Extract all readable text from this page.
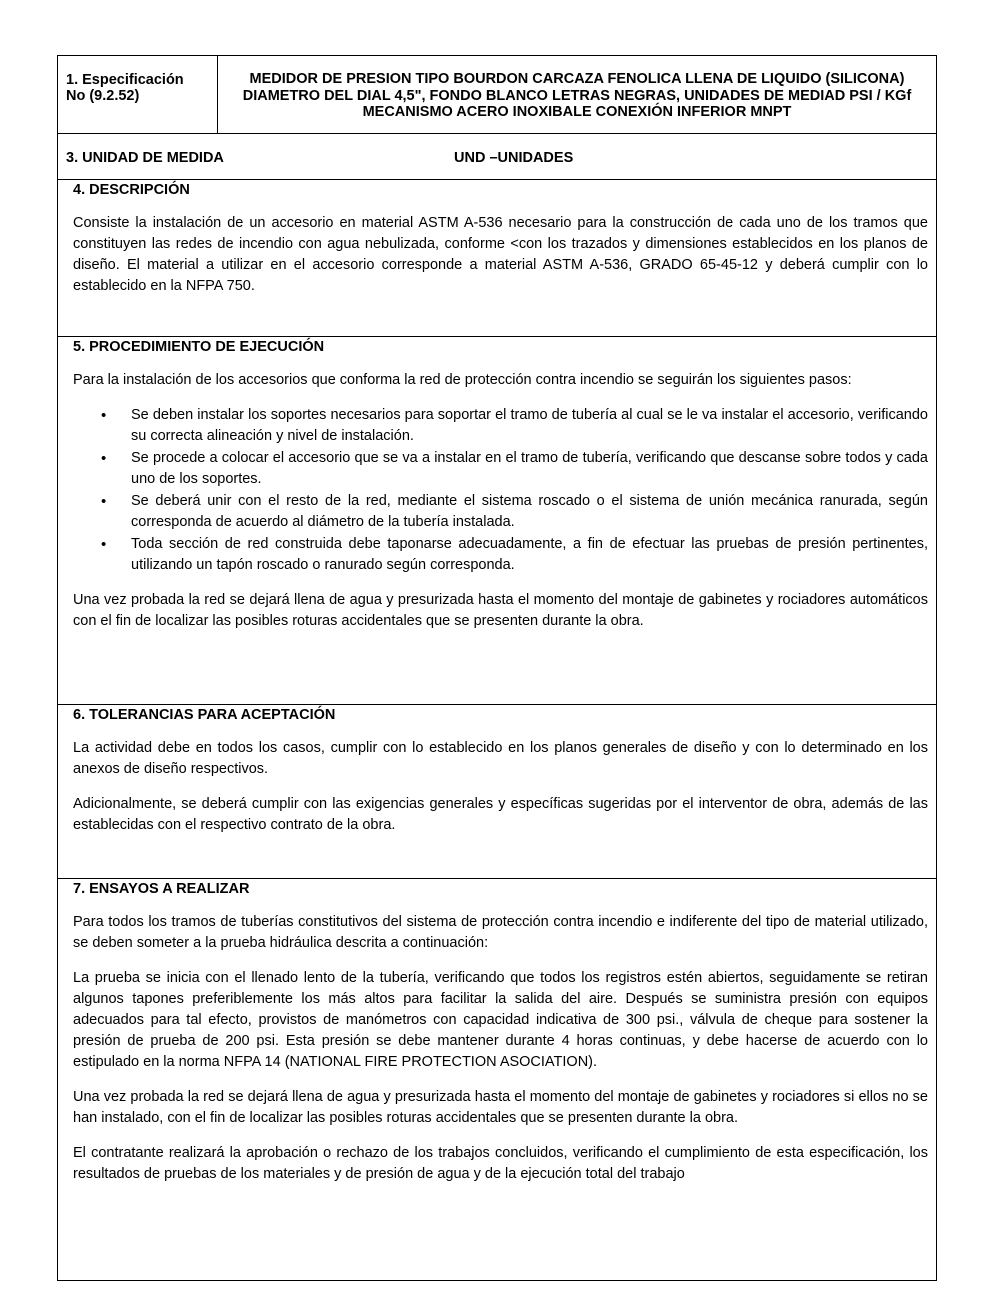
1. Especificación
No (9.2.52)
MEDIDOR DE PRESION TIPO BOURDON CARCAZA FENOLICA LLENA DE LIQUIDO (SILICONA) DIAMETRO DEL DIAL 4,5", FONDO BLANCO LETRAS NEGRAS, UNIDADES DE MEDIAD PSI / KGf MECANISMO ACERO INOXIBALE CONEXIÓN INFERIOR MNPT
3. UNIDAD DE MEDIDA	UND –UNIDADES
4. DESCRIPCIÓN

Consiste la instalación de un accesorio en material ASTM A-536 necesario para la construcción de cada uno de los tramos que constituyen las redes de incendio con agua nebulizada, conforme <con los trazados y dimensiones establecidos en los planos de diseño. El material a utilizar en el accesorio corresponde a material ASTM A-536, GRADO 65-45-12 y deberá cumplir con lo establecido en la NFPA 750.

5. PROCEDIMIENTO DE EJECUCIÓN

Para la instalación de los accesorios que conforma la red de protección contra incendio se seguirán los siguientes pasos:

• Se deben instalar los soportes necesarios para soportar el tramo de tubería al cual se le va instalar el accesorio, verificando su correcta alineación y nivel de instalación.
• Se procede a colocar el accesorio que se va a instalar en el tramo de tubería, verificando que descanse sobre todos y cada uno de los soportes.
• Se deberá unir con el resto de la red, mediante el sistema roscado o el sistema de unión mecánica ranurada, según corresponda de acuerdo al diámetro de la tubería instalada.
• Toda sección de red construida debe taponarse adecuadamente, a fin de efectuar las pruebas de presión pertinentes, utilizando un tapón roscado o ranurado según corresponda.

Una vez probada la red se dejará llena de agua y presurizada hasta el momento del montaje de gabinetes y rociadores automáticos con el fin de localizar las posibles roturas accidentales que se presenten durante la obra.

6. TOLERANCIAS PARA ACEPTACIÓN

La actividad debe en todos los casos, cumplir con lo establecido en los planos generales de diseño y con lo determinado en los anexos de diseño respectivos.

Adicionalmente, se deberá cumplir con las exigencias generales y específicas sugeridas por el interventor de obra, además de las establecidas con el respectivo contrato de la obra.

7. ENSAYOS A REALIZAR

Para todos los tramos de tuberías constitutivos del sistema de protección contra incendio e indiferente del tipo de material utilizado, se deben someter a la prueba hidráulica descrita a continuación:

La prueba se inicia con el llenado lento de la tubería, verificando que todos los registros estén abiertos, seguidamente se retiran algunos tapones preferiblemente los más altos para facilitar la salida del aire. Después se suministra presión con equipos adecuados para tal efecto, provistos de manómetros con capacidad indicativa de 300 psi., válvula de cheque para sostener la presión de prueba de 200 psi. Esta presión se debe mantener durante 4 horas continuas, y debe hacerse de acuerdo con lo estipulado en la norma NFPA 14 (NATIONAL FIRE PROTECTION ASOCIATION).

Una vez probada la red se dejará llena de agua y presurizada hasta el momento del montaje de gabinetes y rociadores si ellos no se han instalado, con el fin de localizar las posibles roturas accidentales que se presenten durante la obra.

El contratante realizará la aprobación o rechazo de los trabajos concluidos, verificando el cumplimiento de esta especificación, los resultados de pruebas de los materiales y de presión de agua y de la ejecución total del trabajo
